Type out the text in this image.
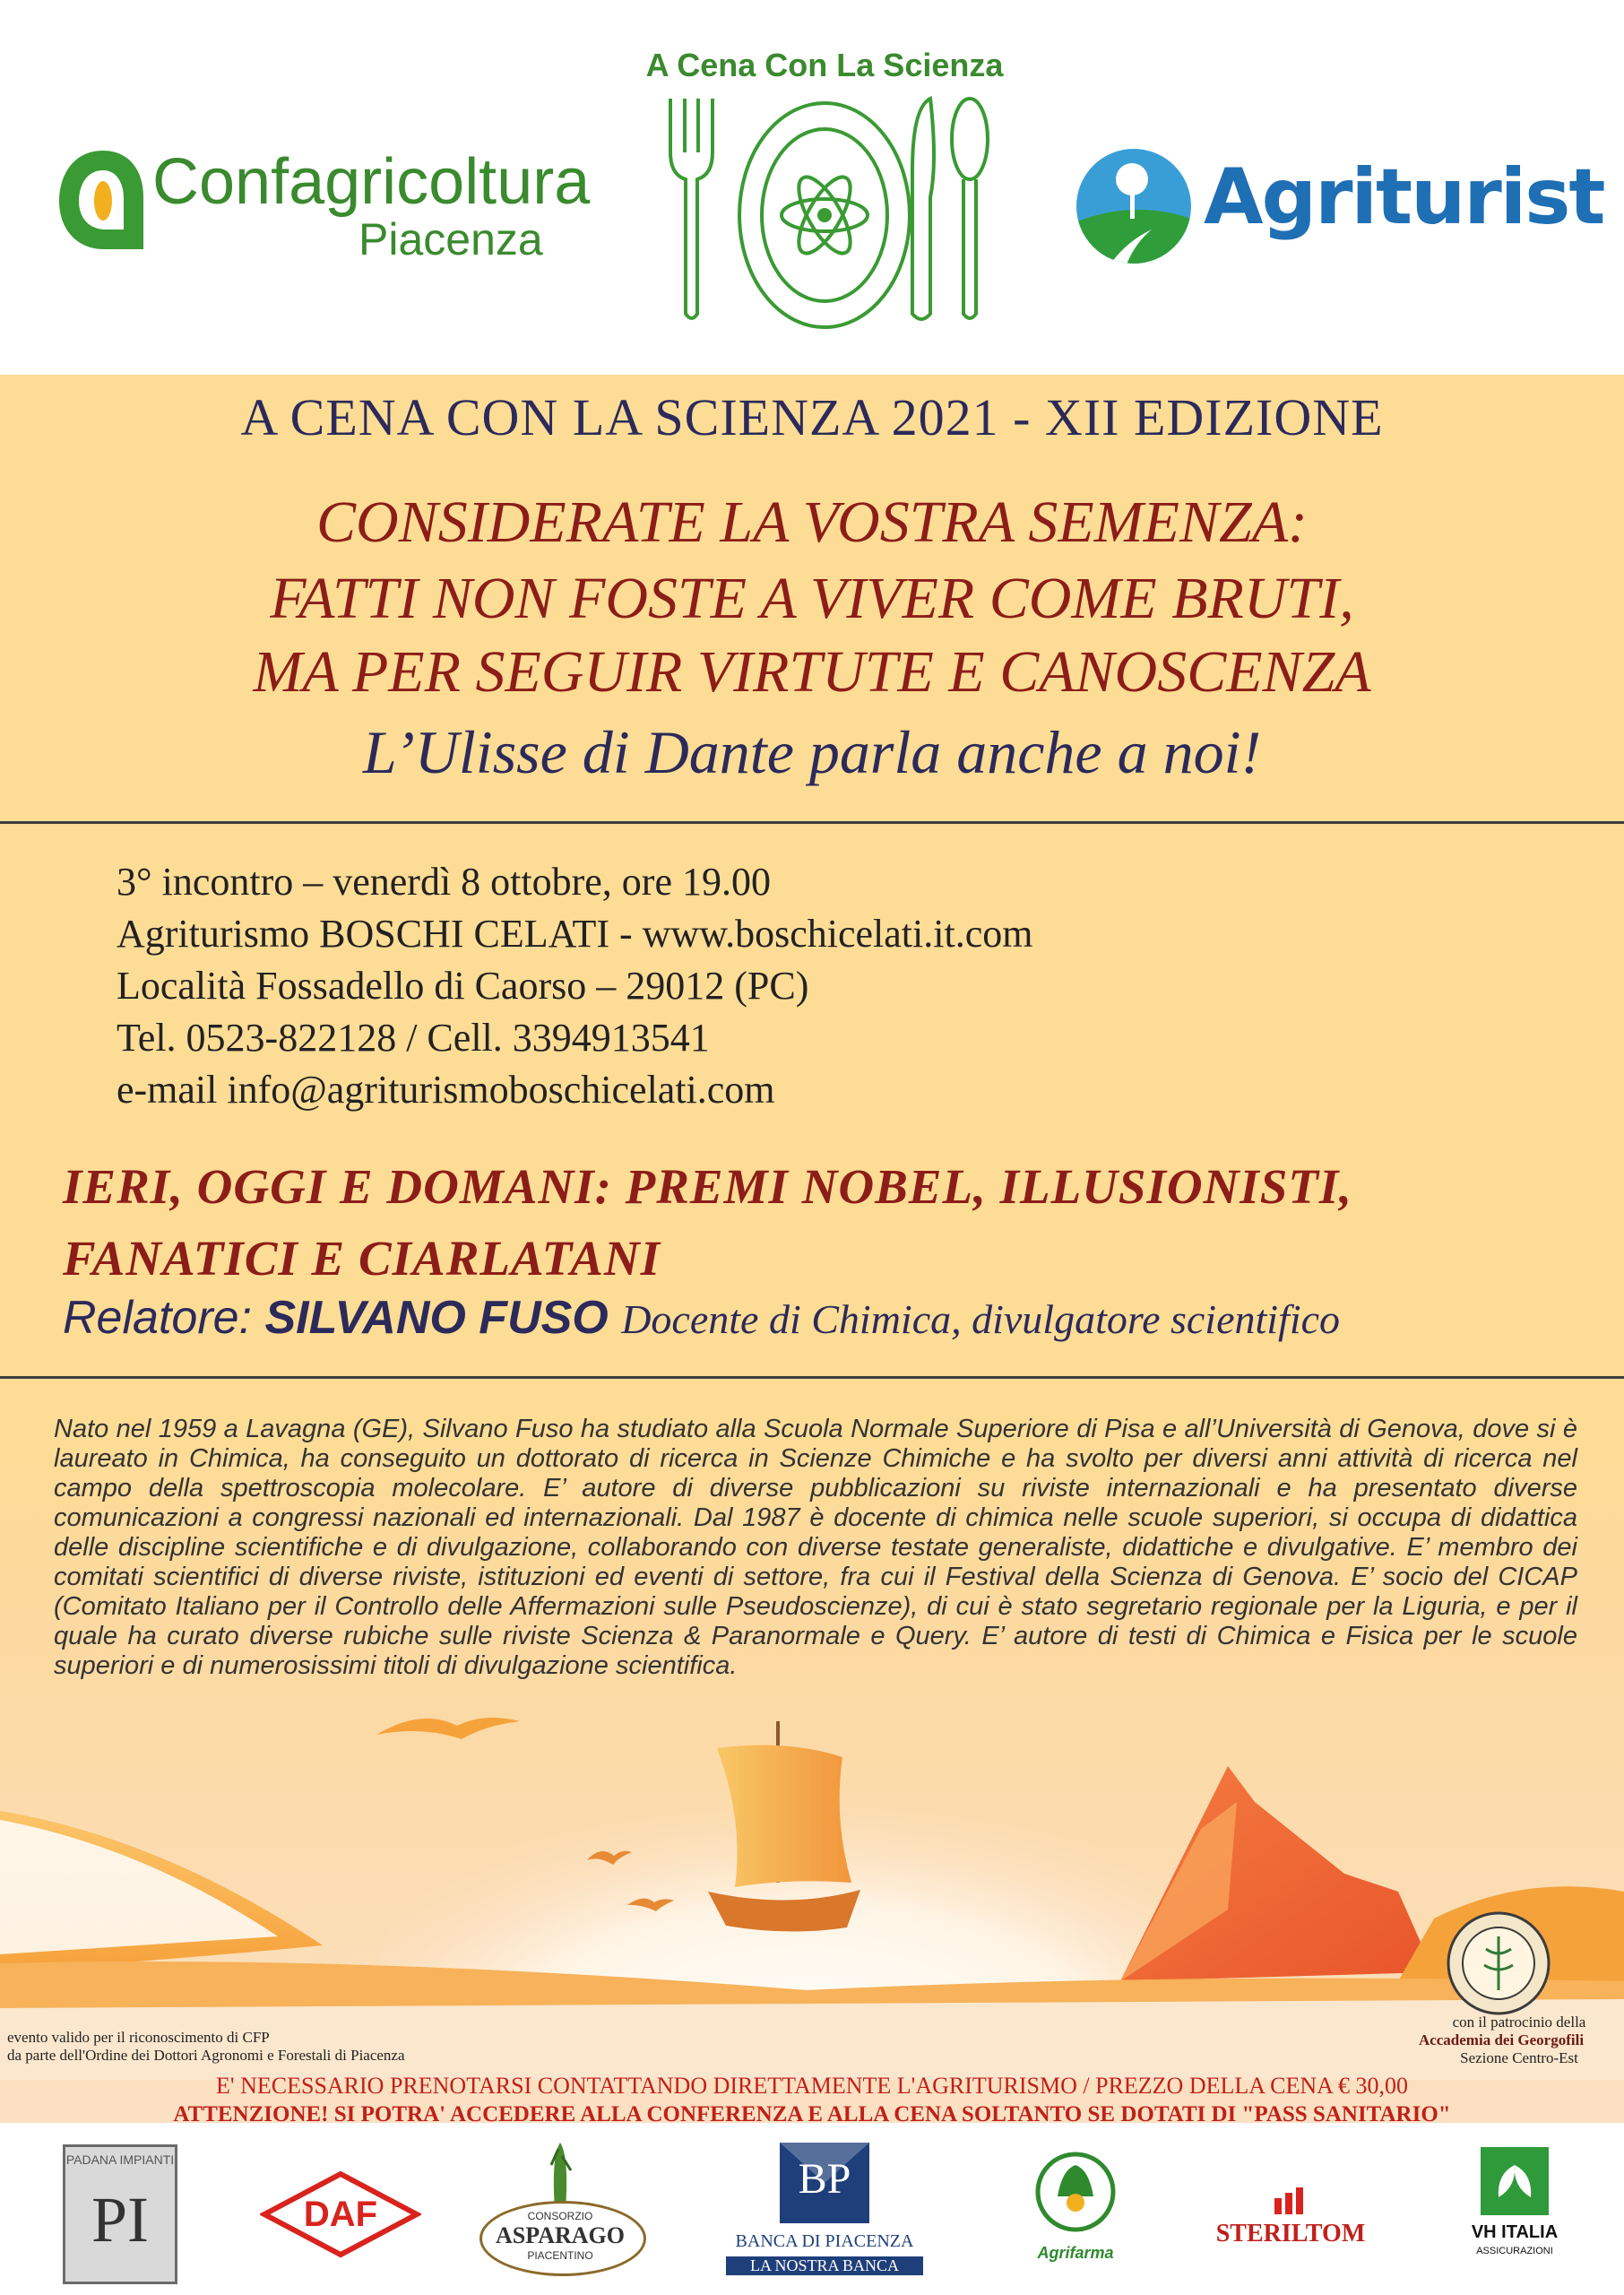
Confagricoltura
Piacenza
A Cena Con La Scienza
Agriturist
A CENA CON LA SCIENZA 2021 - XII EDIZIONE
CONSIDERATE LA VOSTRA SEMENZA:
FATTI NON FOSTE A VIVER COME BRUTI,
MA PER SEGUIR VIRTUTE E CANOSCENZA
L’Ulisse di Dante parla anche a noi!
3° incontro – venerdì 8 ottobre, ore 19.00
Agriturismo BOSCHI CELATI - www.boschicelati.it.com
Località Fossadello di Caorso – 29012 (PC)
Tel. 0523-822128 / Cell. 3394913541
e-mail info@agriturismoboschicelati.com
IERI, OGGI E DOMANI: PREMI NOBEL, ILLUSIONISTI,
FANATICI E CIARLATANI
Relatore: SILVANO FUSO Docente di Chimica, divulgatore scientifico
Nato nel 1959 a Lavagna (GE), Silvano Fuso ha studiato alla Scuola Normale Superiore di Pisa e all’Università di Genova, dove si è laureato in Chimica, ha conseguito un dottorato di ricerca in Scienze Chimiche e ha svolto per diversi anni attività di ricerca nel campo della spettroscopia molecolare. E’ autore di diverse pubblicazioni su riviste internazionali e ha presentato diverse comunicazioni a congressi nazionali ed internazionali. Dal 1987 è docente di chimica nelle scuole superiori, si occupa di didattica delle discipline scientifiche e di divulgazione, collaborando con diverse testate generaliste, didattiche e divulgative. E’ membro dei comitati scientifici di diverse riviste, istituzioni ed eventi di settore, fra cui il Festival della Scienza di Genova. E’ socio del CICAP (Comitato Italiano per il Controllo delle Affermazioni sulle Pseudoscienze), di cui è stato segretario regionale per la Liguria, e per il quale ha curato diverse rubiche sulle riviste Scienza & Paranormale e Query. E’ autore di testi di Chimica e Fisica per le scuole superiori e di numerosissimi titoli di divulgazione scientifica.
evento valido per il riconoscimento di CFP
da parte dell'Ordine dei Dottori Agronomi e Forestali di Piacenza
con il patrocinio della
Accademia dei Georgofili
Sezione Centro-Est
E' NECESSARIO PRENOTARSI CONTATTANDO DIRETTAMENTE L'AGRITURISMO / PREZZO DELLA CENA € 30,00
ATTENZIONE! SI POTRA' ACCEDERE ALLA CONFERENZA E ALLA CENA SOLTANTO SE DOTATI DI "PASS SANITARIO"
PADANA IMPIANTI
PI	DAF	CONSORZIO
ASPARAGO
PIACENTINO
BP
BANCA DI PIACENZA
LA NOSTRA BANCA
Agrifarma
STERILTOM	VH ITALIA
ASSICURAZIONI
